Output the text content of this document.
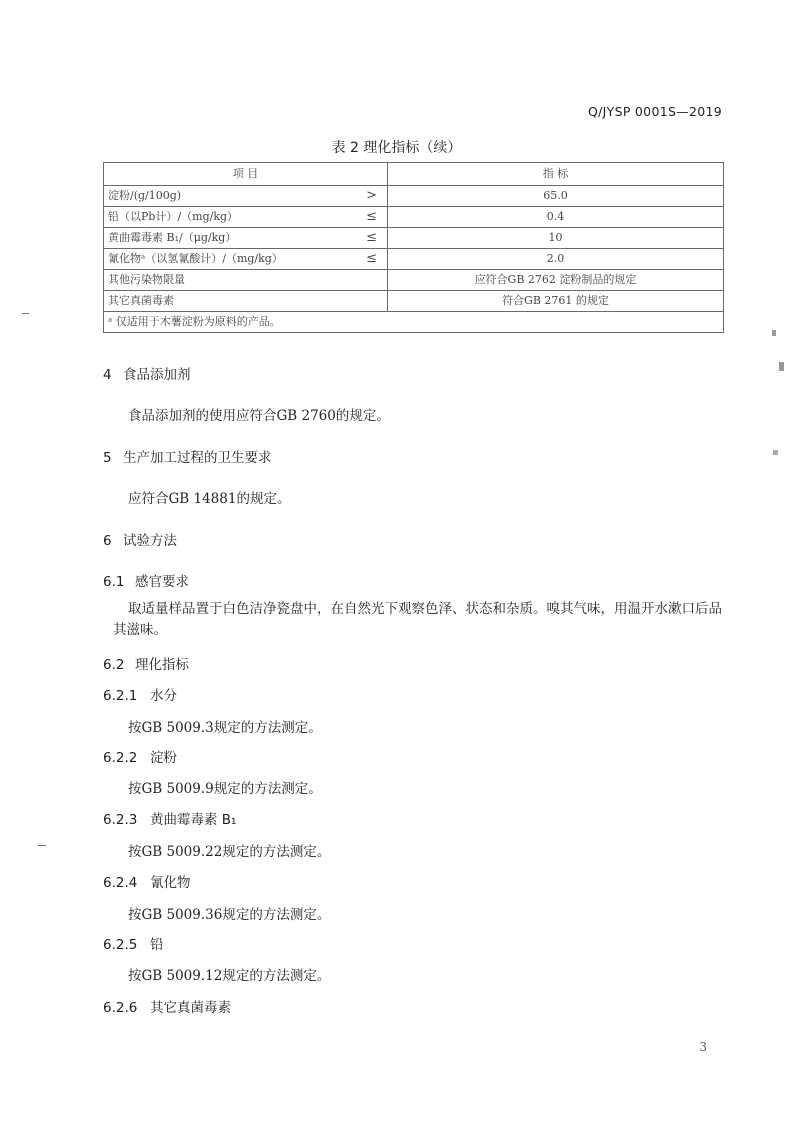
Q/JYSP 0001S—2019
表 2 理化指标（续）
项 目	指 标
淀粉/(g/100g) >	65.0
铅（以Pb计）/（mg/kg） ≤	0.4
黄曲霉毒素 B₁/（μg/kg） ≤	10
氰化物ᵃ（以氢氰酸计）/（mg/kg） ≤	2.0
其他污染物限量	应符合GB 2762 淀粉制品的规定
其它真菌毒素	符合GB 2761 的规定
ᵃ 仅适用于木薯淀粉为原料的产品。	
4 食品添加剂
食品添加剂的使用应符合GB 2760的规定。
5 生产加工过程的卫生要求
应符合GB 14881的规定。
6 试验方法
6.1 感官要求
取适量样品置于白色洁净瓷盘中，在自然光下观察色泽、状态和杂质。嗅其气味，用温开水漱口后品其滋味。
6.2 理化指标
6.2.1 水分
按GB 5009.3规定的方法测定。
6.2.2 淀粉
按GB 5009.9规定的方法测定。
6.2.3 黄曲霉毒素 B₁
按GB 5009.22规定的方法测定。
6.2.4 氰化物
按GB 5009.36规定的方法测定。
6.2.5 铅
按GB 5009.12规定的方法测定。
6.2.6 其它真菌毒素
3
